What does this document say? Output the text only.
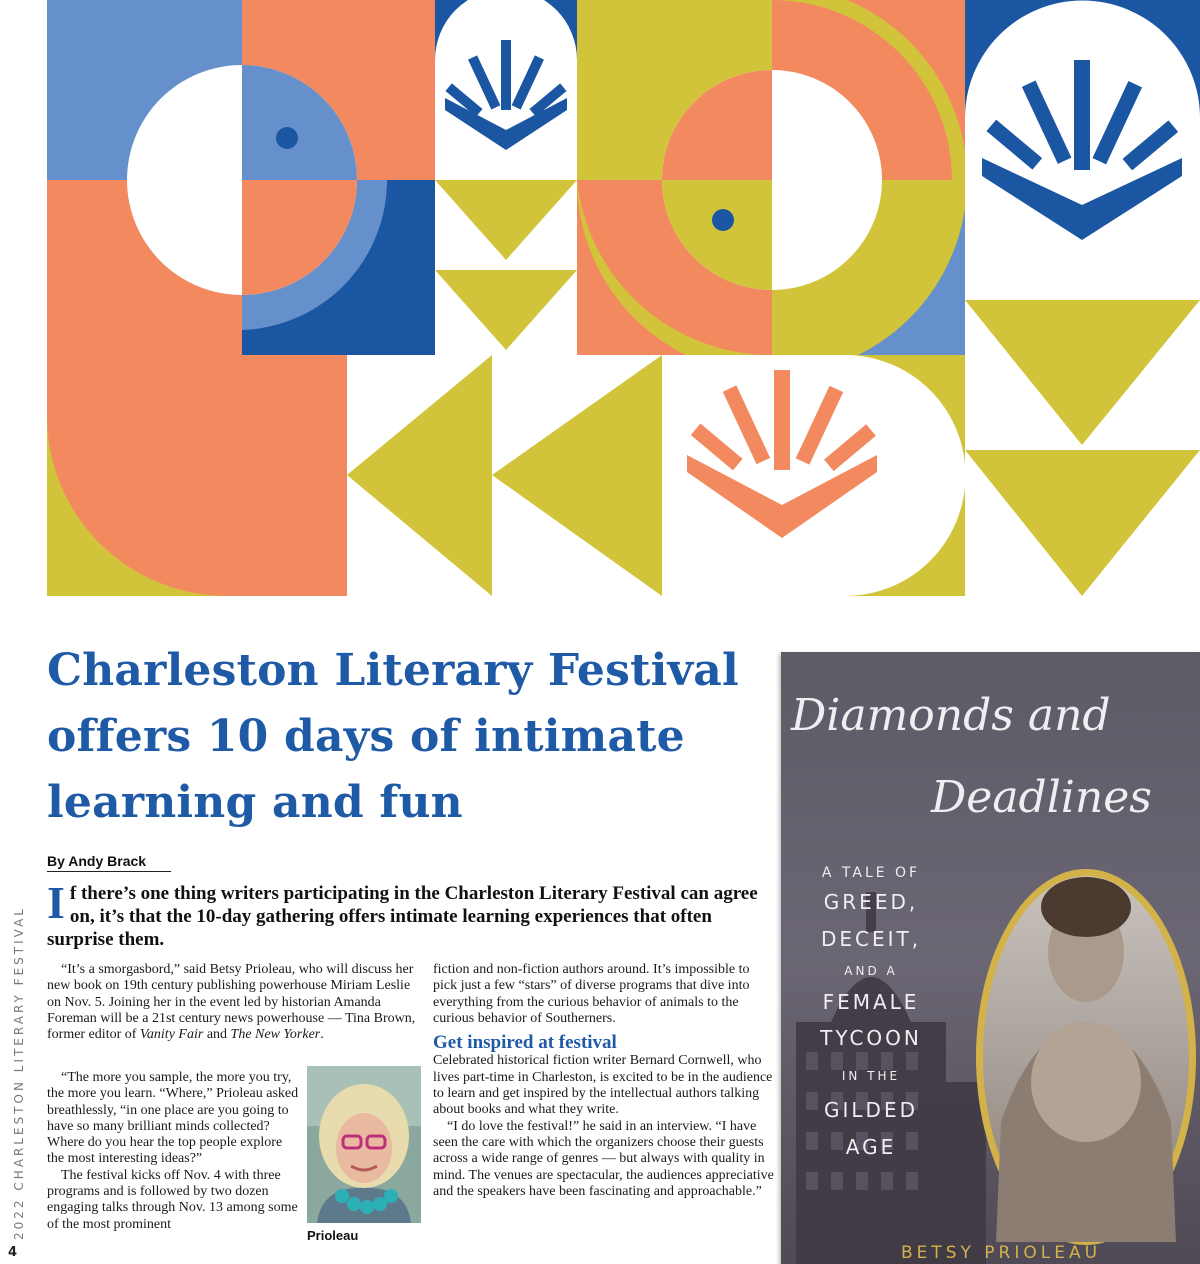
2022 CHARLESTON LITERARY FESTIVAL
4
Charleston Literary Festival offers 10 days of intimate learning and fun
By Andy Brack
If there’s one thing writers participating in the Charleston Literary Festival can agree on, it’s that the 10-day gathering offers intimate learning experiences that often surprise them.

“It’s a smorgasbord,” said Betsy Prioleau, who will discuss her new book on 19th century publishing powerhouse Miriam Leslie on Nov. 5. Joining her in the event led by historian Amanda Foreman will be a 21st century news powerhouse — Tina Brown, former editor of Vanity Fair and The New Yorker.

“The more you sample, the more you try, the more you learn. “Where,” Prioleau asked breathlessly, “in one place are you going to have so many brilliant minds collected? Where do you hear the top people explore the most interesting ideas?”

The festival kicks off Nov. 4 with three programs and is followed by two dozen engaging talks through Nov. 13 among some of the most prominent

Prioleau

fiction and non-fiction authors around. It’s impossible to pick just a few “stars” of diverse programs that dive into everything from the curious behavior of animals to the curious behavior of Southerners.

Get inspired at festival

Celebrated historical fiction writer Bernard Cornwell, who lives part-time in Charleston, is excited to be in the audience to learn and get inspired by the intellectual authors talking about books and what they write.

“I do love the festival!” he said in an interview. “I have seen the care with which the organizers choose their guests across a wide range of genres — but always with quality in mind. The venues are spectacular, the audiences appreciative and the speakers have been fascinating and approachable.”

Diamonds and
Deadlines
A TALE OF
GREED,
DECEIT,
AND A
FEMALE
TYCOON
IN THE
GILDED
AGE
BETSY PRIOLEAU
